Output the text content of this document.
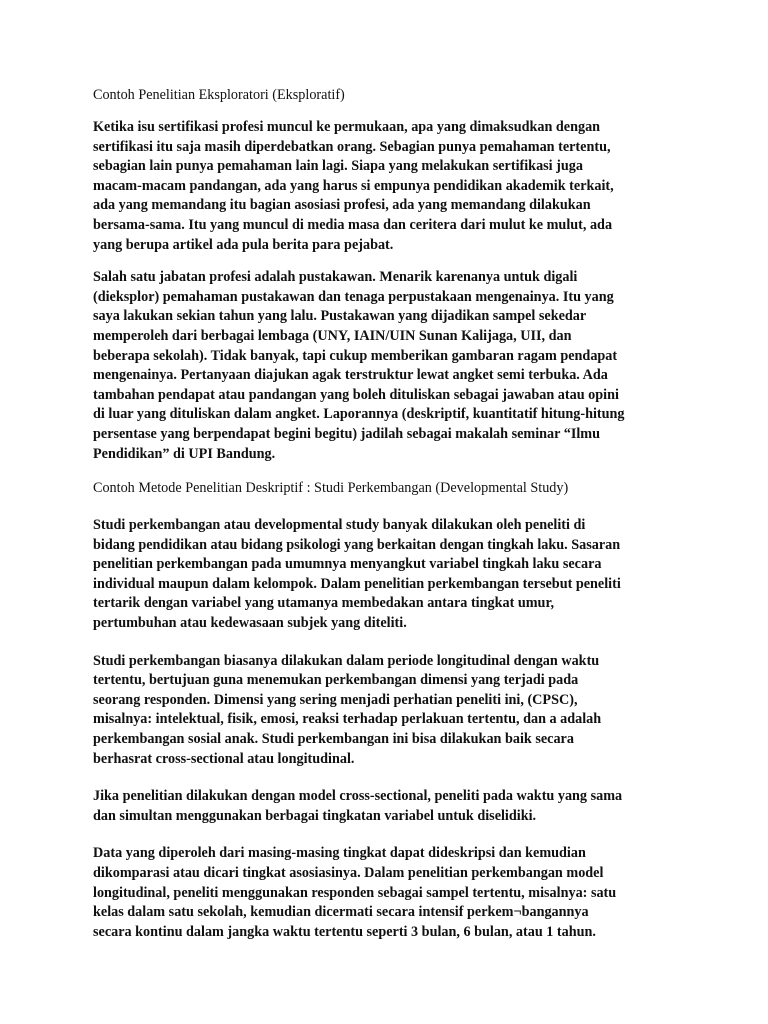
Contoh Penelitian Eksploratori (Eksploratif)

Ketika isu sertifikasi profesi muncul ke permukaan, apa yang dimaksudkan dengan
sertifikasi itu saja masih diperdebatkan orang. Sebagian punya pemahaman tertentu,
sebagian lain punya pemahaman lain lagi. Siapa yang melakukan sertifikasi juga
macam-macam pandangan, ada yang harus si empunya pendidikan akademik terkait,
ada yang memandang itu bagian asosiasi profesi, ada yang memandang dilakukan
bersama-sama. Itu yang muncul di media masa dan ceritera dari mulut ke mulut, ada
yang berupa artikel ada pula berita para pejabat.

Salah satu jabatan profesi adalah pustakawan. Menarik karenanya untuk digali
(dieksplor) pemahaman pustakawan dan tenaga perpustakaan mengenainya. Itu yang
saya lakukan sekian tahun yang lalu. Pustakawan yang dijadikan sampel sekedar
memperoleh dari berbagai lembaga (UNY, IAIN/UIN Sunan Kalijaga, UII, dan
beberapa sekolah). Tidak banyak, tapi cukup memberikan gambaran ragam pendapat
mengenainya. Pertanyaan diajukan agak terstruktur lewat angket semi terbuka. Ada
tambahan pendapat atau pandangan yang boleh dituliskan sebagai jawaban atau opini
di luar yang dituliskan dalam angket. Laporannya (deskriptif, kuantitatif hitung-hitung
persentase yang berpendapat begini begitu) jadilah sebagai makalah seminar “Ilmu
Pendidikan” di UPI Bandung.

Contoh Metode Penelitian Deskriptif : Studi Perkembangan (Developmental Study)

Studi perkembangan atau developmental study banyak dilakukan oleh peneliti di
bidang pendidikan atau bidang psikologi yang berkaitan dengan tingkah laku. Sasaran
penelitian perkembangan pada umumnya menyangkut variabel tingkah laku secara
individual maupun dalam kelompok. Dalam penelitian perkembangan tersebut peneliti
tertarik dengan variabel yang utamanya membedakan antara tingkat umur,
pertumbuhan atau kedewasaan subjek yang diteliti.

Studi perkembangan biasanya dilakukan dalam periode longitudinal dengan waktu
tertentu, bertujuan guna menemukan perkembangan dimensi yang terjadi pada
seorang responden. Dimensi yang sering menjadi perhatian peneliti ini, (CPSC),
misalnya: intelektual, fisik, emosi, reaksi terhadap perlakuan tertentu, dan a adalah
perkembangan sosial anak. Studi perkembangan ini bisa dilakukan baik secara
berhasrat cross-sectional atau longitudinal.

Jika penelitian dilakukan dengan model cross-sectional, peneliti pada waktu yang sama
dan simultan menggunakan berbagai tingkatan variabel untuk diselidiki.

Data yang diperoleh dari masing-masing tingkat dapat dideskripsi dan kemudian
dikomparasi atau dicari tingkat asosiasinya. Dalam penelitian perkembangan model
longitudinal, peneliti menggunakan responden sebagai sampel tertentu, misalnya: satu
kelas dalam satu sekolah, kemudian dicermati secara intensif perkem¬bangannya
secara kontinu dalam jangka waktu tertentu seperti 3 bulan, 6 bulan, atau 1 tahun.
